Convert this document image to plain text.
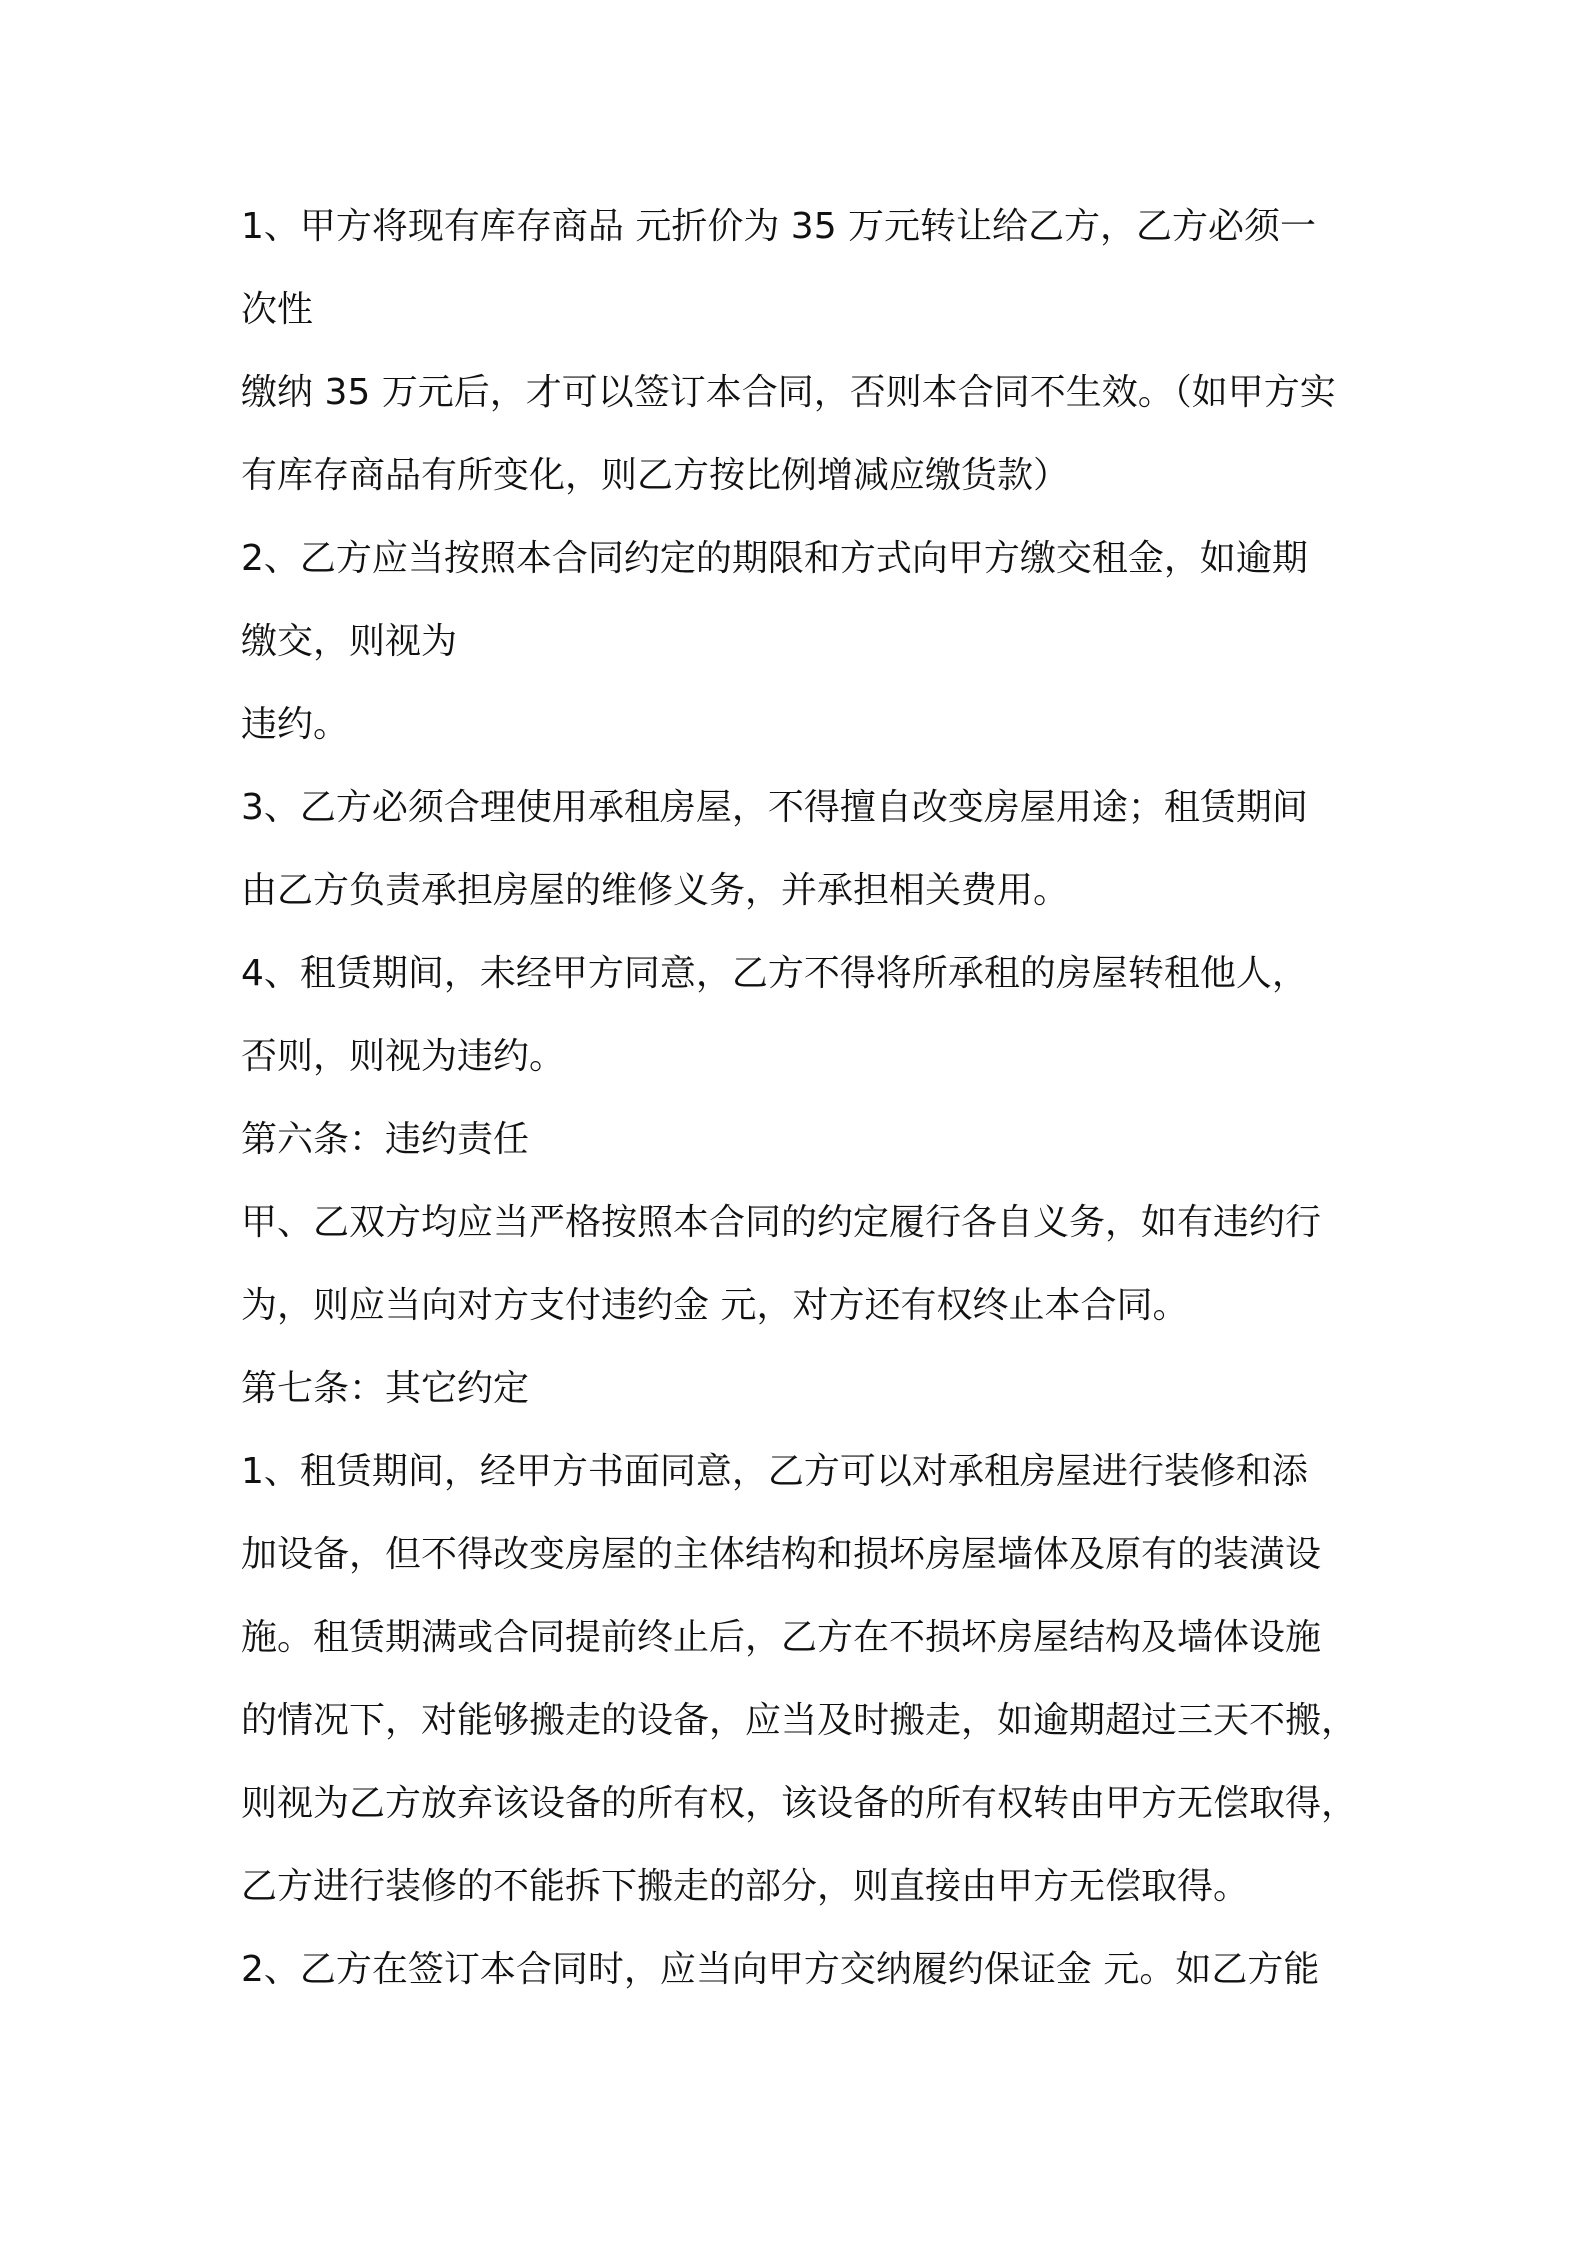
1、甲方将现有库存商品 元折价为 35 万元转让给乙方，乙方必须一

次性

缴纳 35 万元后，才可以签订本合同，否则本合同不生效。（如甲方实

有库存商品有所变化，则乙方按比例增减应缴货款）

2、乙方应当按照本合同约定的期限和方式向甲方缴交租金，如逾期

缴交，则视为

违约。

3、乙方必须合理使用承租房屋，不得擅自改变房屋用途；租赁期间

由乙方负责承担房屋的维修义务，并承担相关费用。

4、租赁期间，未经甲方同意，乙方不得将所承租的房屋转租他人，

否则，则视为违约。

第六条：违约责任

甲、乙双方均应当严格按照本合同的约定履行各自义务，如有违约行

为，则应当向对方支付违约金 元，对方还有权终止本合同。

第七条：其它约定

1、租赁期间，经甲方书面同意，乙方可以对承租房屋进行装修和添

加设备，但不得改变房屋的主体结构和损坏房屋墙体及原有的装潢设

施。租赁期满或合同提前终止后，乙方在不损坏房屋结构及墙体设施

的情况下，对能够搬走的设备，应当及时搬走，如逾期超过三天不搬，

则视为乙方放弃该设备的所有权，该设备的所有权转由甲方无偿取得，

乙方进行装修的不能拆下搬走的部分，则直接由甲方无偿取得。

2、乙方在签订本合同时，应当向甲方交纳履约保证金 元。如乙方能
